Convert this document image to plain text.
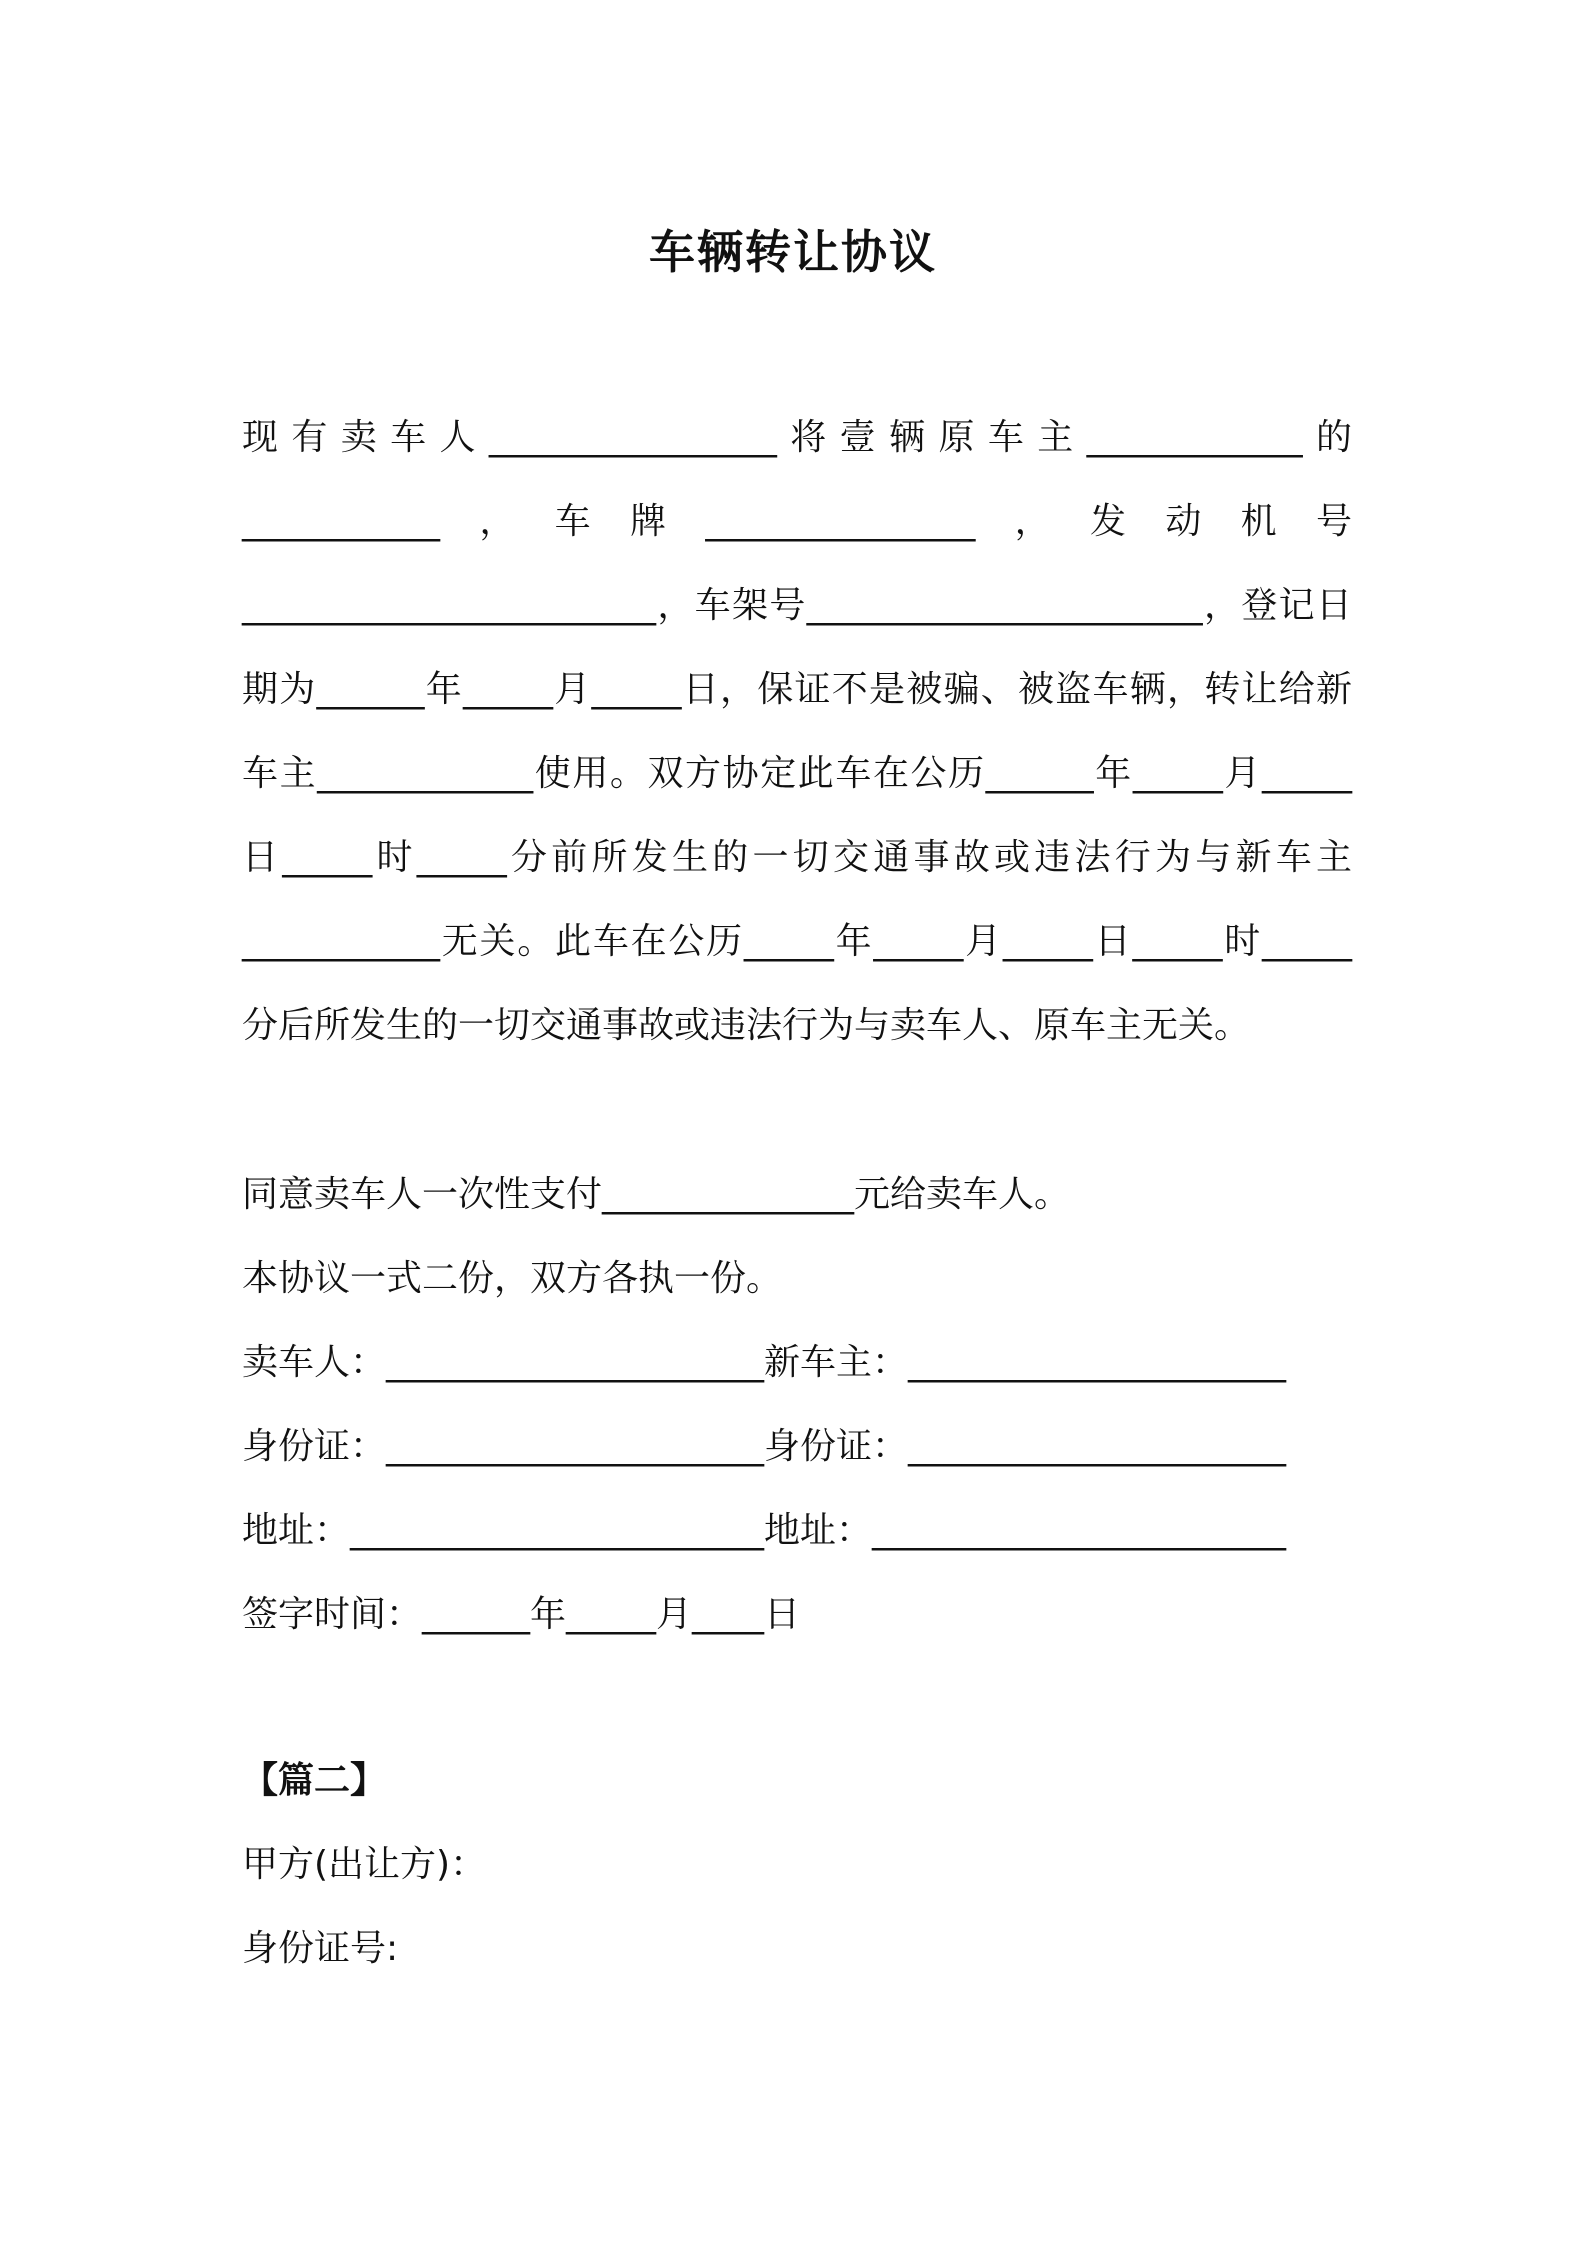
车辆转让协议
现有卖车人________________将壹辆原车主____________的___________，车牌_______________，发动机号_______________________，车架号______________________，登记日期为______年_____月_____日，保证不是被骗、被盗车辆，转让给新车主____________使用。双方协定此车在公历______年_____月_____日_____时_____分前所发生的一切交通事故或违法行为与新车主___________无关。此车在公历_____年_____月_____日_____时_____分后所发生的一切交通事故或违法行为与卖车人、原车主无关。
同意卖车人一次性支付______________元给卖车人。
本协议一式二份，双方各执一份。
卖车人：_____________________新车主：_____________________
身份证：_____________________身份证：_____________________
地址：_______________________地址：_______________________
签字时间：______年_____月____日
【篇二】
甲方(出让方)：
身份证号:
